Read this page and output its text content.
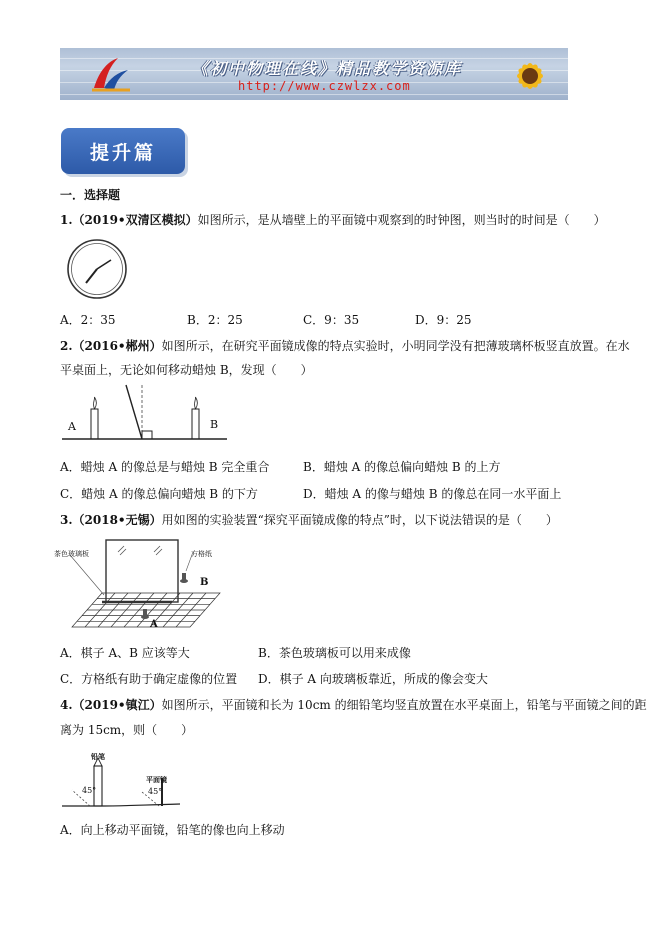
《初中物理在线》精品教学资源库
http://www.czwlzx.com
提升篇
一．选择题
1.（2019•双清区模拟）如图所示，是从墙壁上的平面镜中观察到的时钟图，则当时的时间是（　　）
A．2：35	B．2：25	C．9：35	D．9：25
2.（2016•郴州）如图所示，在研究平面镜成像的特点实验时，小明同学没有把薄玻璃杯板竖直放置。在水
平桌面上，无论如何移动蜡烛 B，发现（　　）
A	B
A．蜡烛 A 的像总是与蜡烛 B 完全重合	B．蜡烛 A 的像总偏向蜡烛 B 的上方
C．蜡烛 A 的像总偏向蜡烛 B 的下方	D．蜡烛 A 的像与蜡烛 B 的像总在同一水平面上
3.（2018•无锡）用如图的实验装置“探究平面镜成像的特点”时，以下说法错误的是（　　）
茶色玻璃板	方格纸
A
B
A．棋子 A、B 应该等大	B．茶色玻璃板可以用来成像
C．方格纸有助于确定虚像的位置 D．棋子 A 向玻璃板靠近，所成的像会变大
4.（2019•镇江）如图所示，平面镜和长为 10cm 的细铅笔均竖直放置在水平桌面上，铅笔与平面镜之间的距
离为 15cm，则（　　）
铅笔
平面镜
45°	45°
A．向上移动平面镜，铅笔的像也向上移动
